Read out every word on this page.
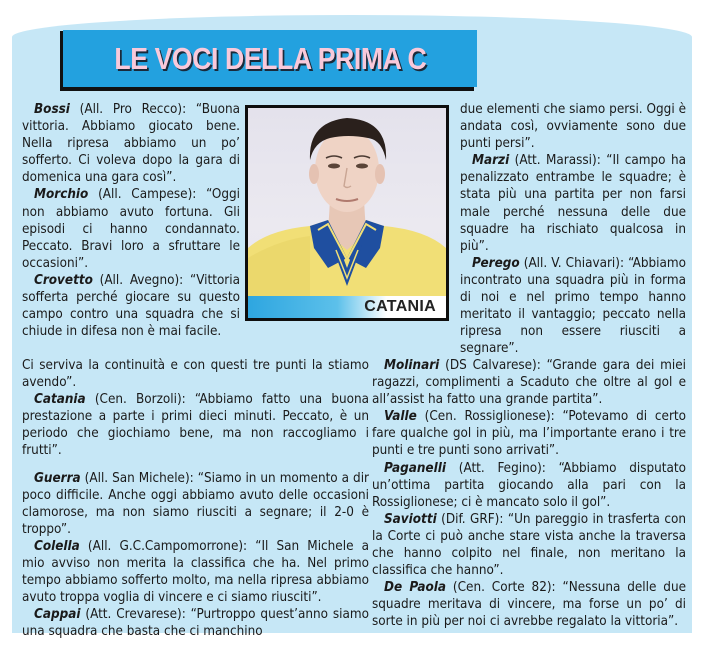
LE VOCI DELLA PRIMA C

Bossi (All. Pro Recco): “Buona vittoria. Abbiamo giocato bene. Nella ripresa abbiamo un po’ sofferto. Ci voleva dopo la gara di domenica una gara così”.

Morchio (All. Campese): “Oggi non abbiamo avuto fortuna. Gli episodi ci hanno condannato. Peccato. Bravi loro a sfruttare le occasioni”.

Crovetto (All. Avegno): “Vittoria sofferta perché giocare su questo campo contro una squadra che si chiude in difesa non è mai facile.

Ci serviva la continuità e con questi tre punti la stiamo avendo”.

Catania (Cen. Borzoli): “Abbiamo fatto una buona prestazione a parte i primi dieci minuti. Peccato, è un periodo che giochiamo bene, ma non raccogliamo i frutti”.

Guerra (All. San Michele): “Siamo in un momento a dir poco difficile. Anche oggi abbiamo avuto delle occasioni clamorose, ma non siamo riusciti a segnare; il 2-0 è troppo”.

Colella (All. G.C.Campomorrone): “Il San Michele a mio avviso non merita la classifica che ha. Nel primo tempo abbiamo sofferto molto, ma nella ripresa abbiamo avuto troppa voglia di vincere e ci siamo riusciti”.

Cappai (Att. Crevarese): “Purtroppo quest’anno siamo una squadra che basta che ci manchino

CATANIA

due elementi che siamo persi. Oggi è andata così, ovviamente sono due punti persi”.

Marzi (Att. Marassi): “Il campo ha penalizzato entrambe le squadre; è stata più una partita per non farsi male perché nessuna delle due squadre ha rischiato qualcosa in più”.

Perego (All. V. Chiavari): “Abbiamo incontrato una squadra più in forma di noi e nel primo tempo hanno meritato il vantaggio; peccato nella ripresa non essere riusciti a segnare”.

Molinari (DS Calvarese): “Grande gara dei miei ragazzi, complimenti a Scaduto che oltre al gol e all’assist ha fatto una grande partita”.

Valle (Cen. Rossiglionese): “Potevamo di certo fare qualche gol in più, ma l’importante erano i tre punti e tre punti sono arrivati”.

Paganelli (Att. Fegino): “Abbiamo disputato un’ottima partita giocando alla pari con la Rossiglionese; ci è mancato solo il gol”.

Saviotti (Dif. GRF): “Un pareggio in trasferta con la Corte ci può anche stare vista anche la traversa che hanno colpito nel finale, non meritano la classifica che hanno”.

De Paola (Cen. Corte 82): “Nessuna delle due squadre meritava di vincere, ma forse un po’ di sorte in più per noi ci avrebbe regalato la vittoria”.
